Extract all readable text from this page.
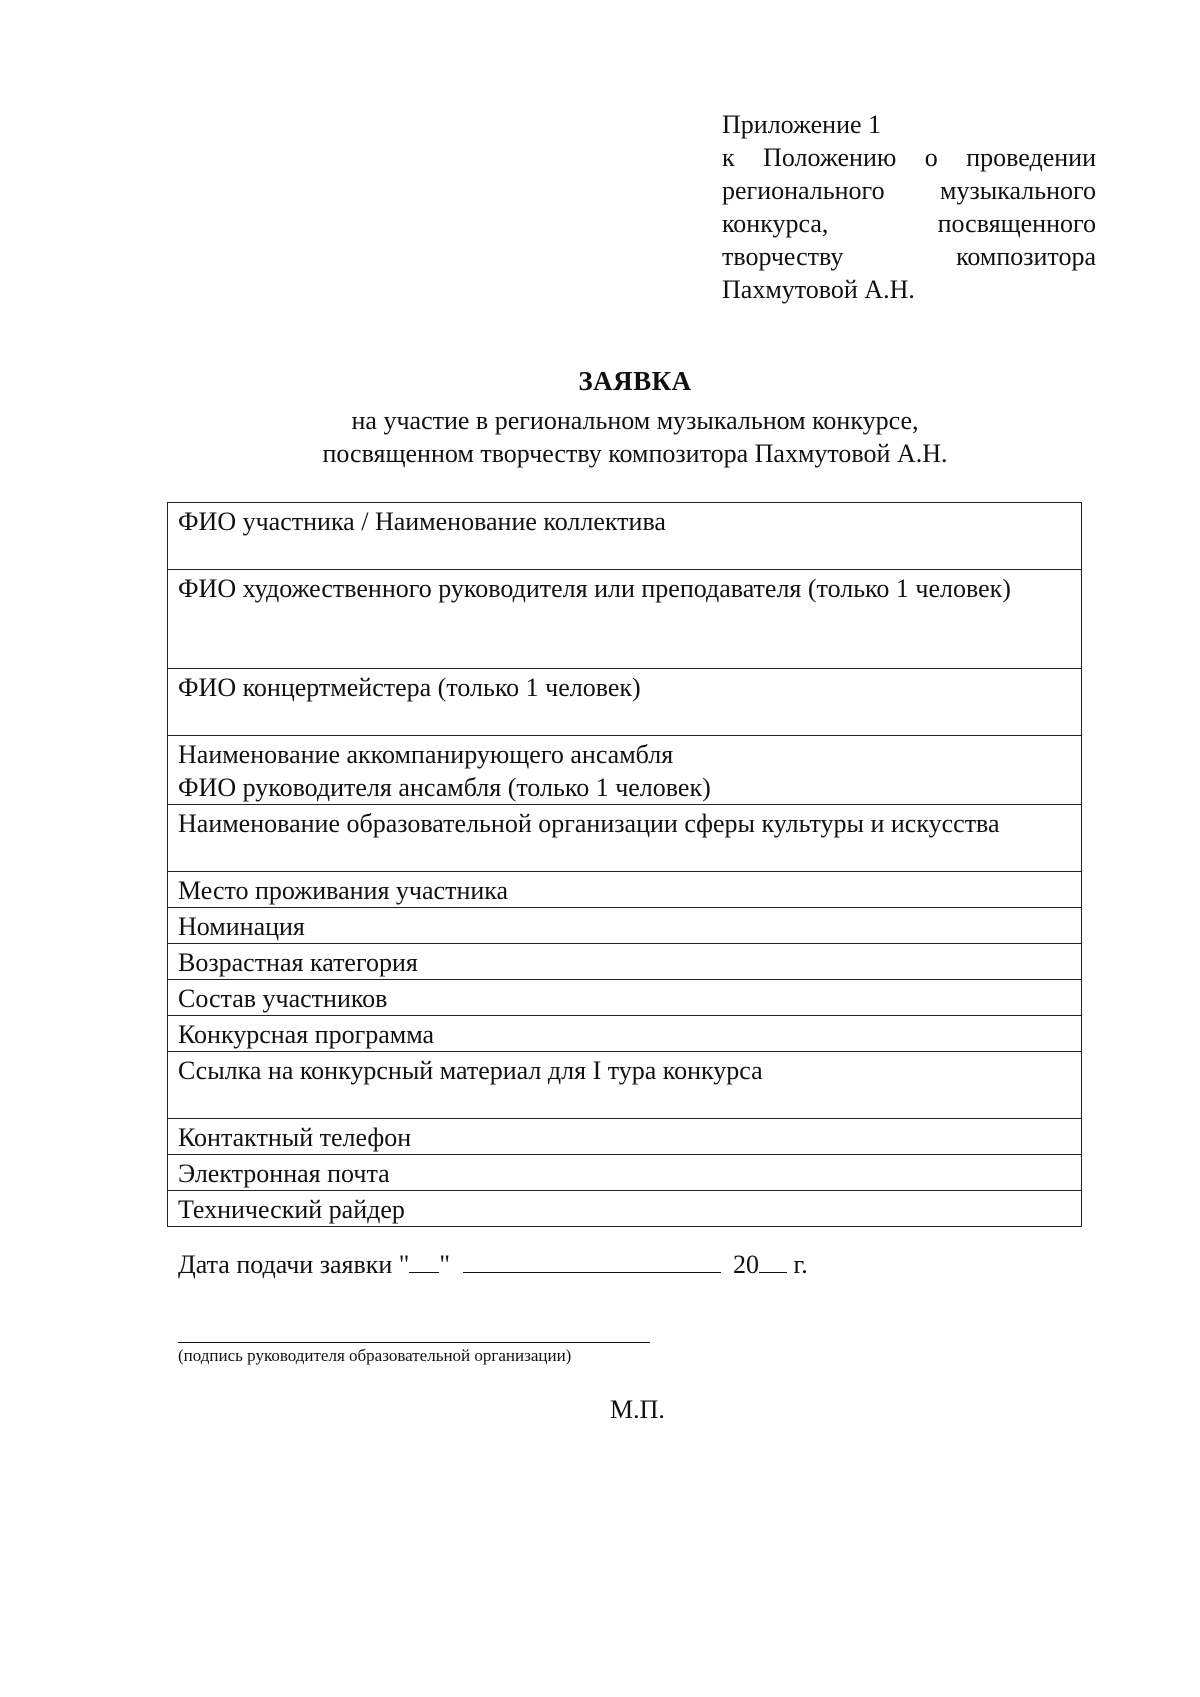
Приложение 1
к Положению о проведении
регионального музыкального
конкурса,	посвященного
творчеству	композитора
Пахмутовой А.Н.
ЗАЯВКА
на участие в региональном музыкальном конкурсе,
посвященном творчеству композитора Пахмутовой А.Н.
ФИО участника / Наименование коллектива
ФИО художественного руководителя или преподавателя (только 1 человек)
ФИО концертмейстера (только 1 человек)
Наименование аккомпанирующего ансамбля
ФИО руководителя ансамбля (только 1 человек)
Наименование образовательной организации сферы культуры и искусства
Место проживания участника
Номинация
Возрастная категория
Состав участников
Конкурсная программа
Ссылка на конкурсный материал для I тура конкурса
Контактный телефон
Электронная почта
Технический райдер
Дата подачи заявки " "	20 г.
(подпись руководителя образовательной организации)
М.П.
